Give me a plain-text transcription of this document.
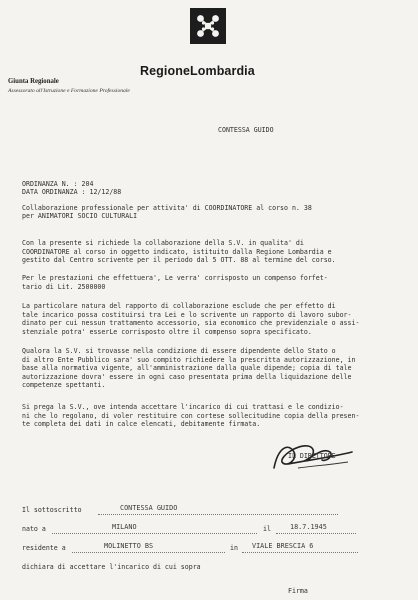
RegioneLombardia
Giunta Regionale
Assessorato all'Istruzione e Formazione Professionale
CONTESSA GUIDO
ORDINANZA N. : 204
DATA ORDINANZA : 12/12/88
Collaborazione professionale per attivita' di COORDINATORE al corso n. 38
per ANIMATORI SOCIO CULTURALI
Con la presente si richiede la collaborazione della S.V. in qualita' di
COORDINATORE al corso in oggetto indicato, istituito dalla Regione Lombardia e
gestito dal Centro scrivente per il periodo dal 5 OTT. 88 al termine del corso.
Per le prestazioni che effettuera', Le verra' corrisposto un compenso forfet-
tario di Lit. 2500000
La particolare natura del rapporto di collaborazione esclude che per effetto di
tale incarico possa costituirsi tra Lei e lo scrivente un rapporto di lavoro subor-
dinato per cui nessun trattamento accessorio, sia economico che previdenziale o assi-
stenziale potra' esserLe corrisposto oltre il compenso sopra specificato.
Qualora la S.V. si trovasse nella condizione di essere dipendente dello Stato o
di altro Ente Pubblico sara' suo compito richiedere la prescritta autorizzazione, in
base alla normativa vigente, all'amministrazione dalla quale dipende; copia di tale
autorizzazione dovra' essere in ogni caso presentata prima della liquidazione delle
competenze spettanti.
Si prega la S.V., ove intenda accettare l'incarico di cui trattasi e le condizio-
ni che lo regolano, di voler restituire con cortese sollecitudine copia della presen-
te completa dei dati in calce elencati, debitamente firmata.
IL DIRETTORE
Il sottoscritto	CONTESSA GUIDO
nato a	MILANO	il	18.7.1945
residente a	MOLINETTO BS	in VIALE BRESCIA 6
dichiara di accettare l'incarico di cui sopra
Firma
